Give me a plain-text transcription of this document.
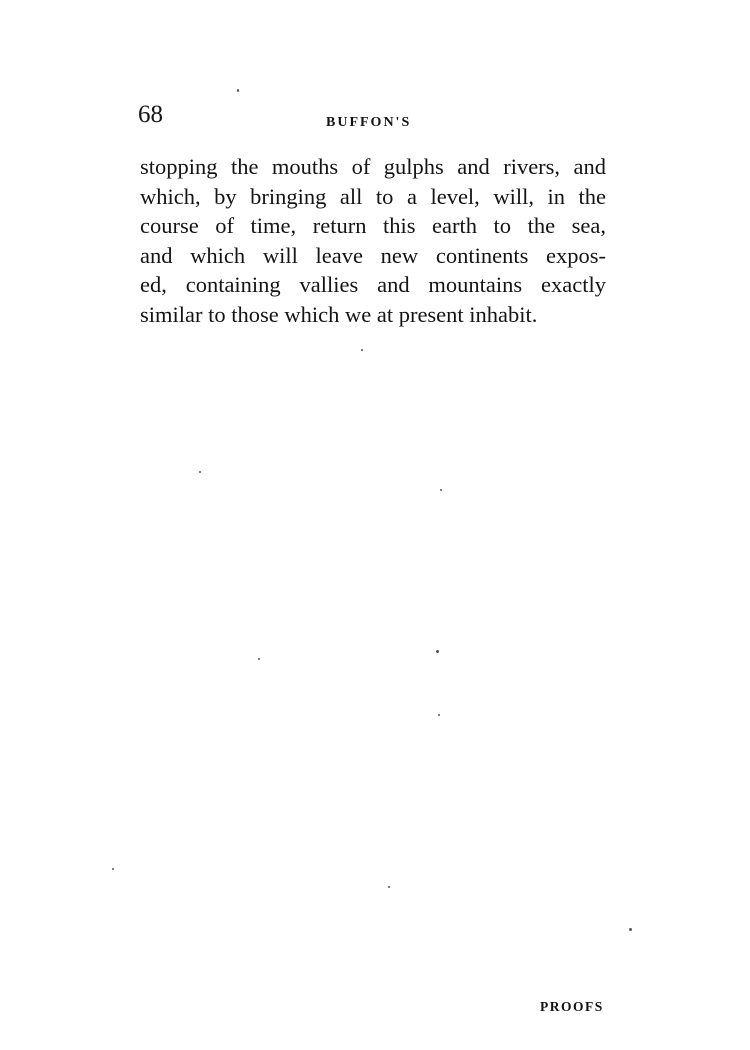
68	BUFFON'S

stopping the mouths of gulphs and rivers, and
which, by bringing all to a level, will, in the
course of time, return this earth to the sea,
and which will leave new continents expos-
ed, containing vallies and mountains exactly
similar to those which we at present inhabit.

PROOFS
